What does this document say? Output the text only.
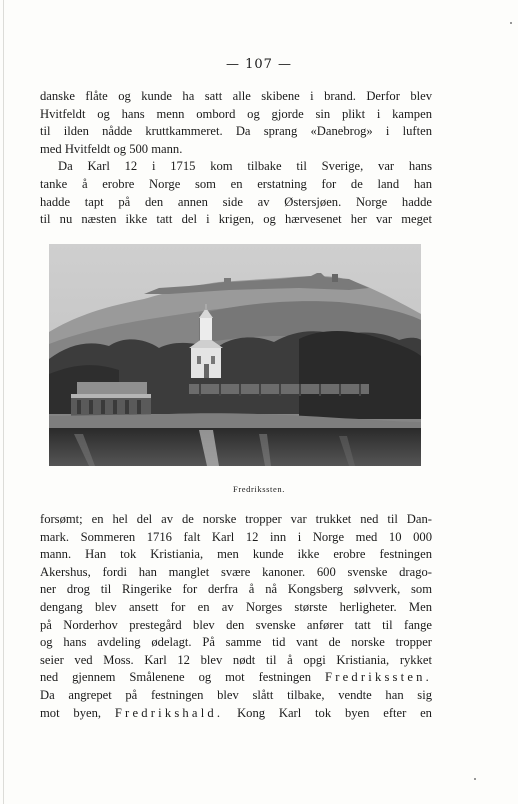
— 107 —

danske flåte og kunde ha satt alle skibene i brand. Derfor blev
Hvitfeldt og hans menn ombord og gjorde sin plikt i kampen
til ilden nådde kruttkammeret. Da sprang «Danebrog» i luften
med Hvitfeldt og 500 mann.

Da Karl 12 i 1715 kom tilbake til Sverige, var hans
tanke å erobre Norge som en erstatning for de land han
hadde tapt på den annen side av Østersjøen. Norge hadde
til nu næsten ikke tatt del i krigen, og hærvesenet her var meget

Fredrikssten.

forsømt; en hel del av de norske tropper var trukket ned til Dan-
mark. Sommeren 1716 falt Karl 12 inn i Norge med 10 000
mann. Han tok Kristiania, men kunde ikke erobre festningen
Akershus, fordi han manglet svære kanoner. 600 svenske drago-
ner drog til Ringerike for derfra å nå Kongsberg sølvverk, som
dengang blev ansett for en av Norges største herligheter. Men
på Norderhov prestegård blev den svenske anfører tatt til fange
og hans avdeling ødelagt. På samme tid vant de norske tropper
seier ved Moss. Karl 12 blev nødt til å opgi Kristiania, rykket
ned gjennem Smålenene og mot festningen Fredrikssten.
Da angrepet på festningen blev slått tilbake, vendte han sig
mot byen, Fredrikshald. Kong Karl tok byen efter en
